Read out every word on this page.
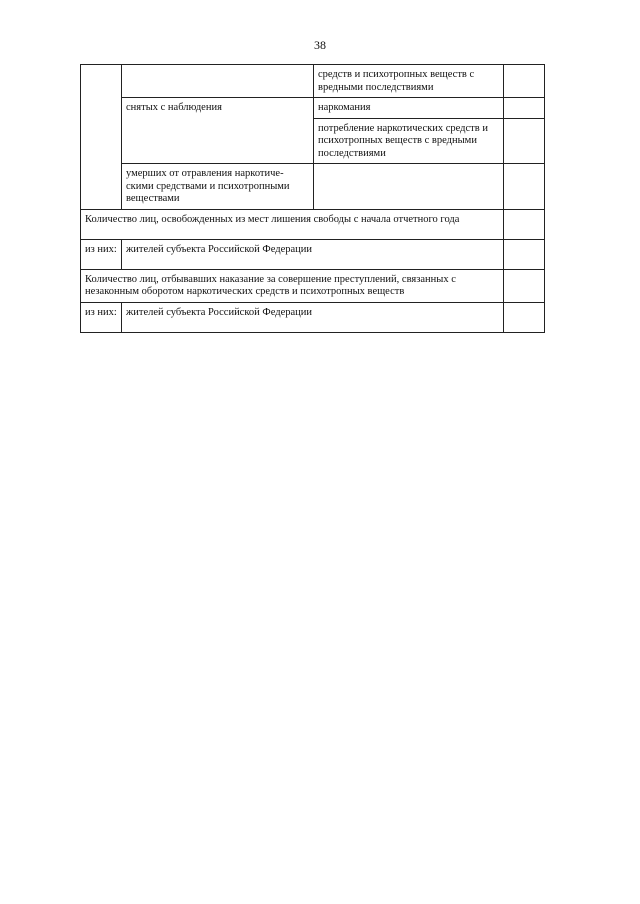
38
		средств и психотропных веществ с вредными последствиями	
	снятых с наблюдения	наркомания	
		потребление наркотических средств и психотропных веществ с вредными последствиями	
	умерших от отравления наркотиче-скими средствами и психотропными веществами		
Количество лиц, освобожденных из мест лишения свободы с начала отчетного года			
из них:	жителей субъекта Российской Федерации		
Количество лиц, отбывавших наказание за совершение преступлений, связанных с незаконным оборотом наркотических средств и психотропных веществ			
из них:	жителей субъекта Российской Федерации		
